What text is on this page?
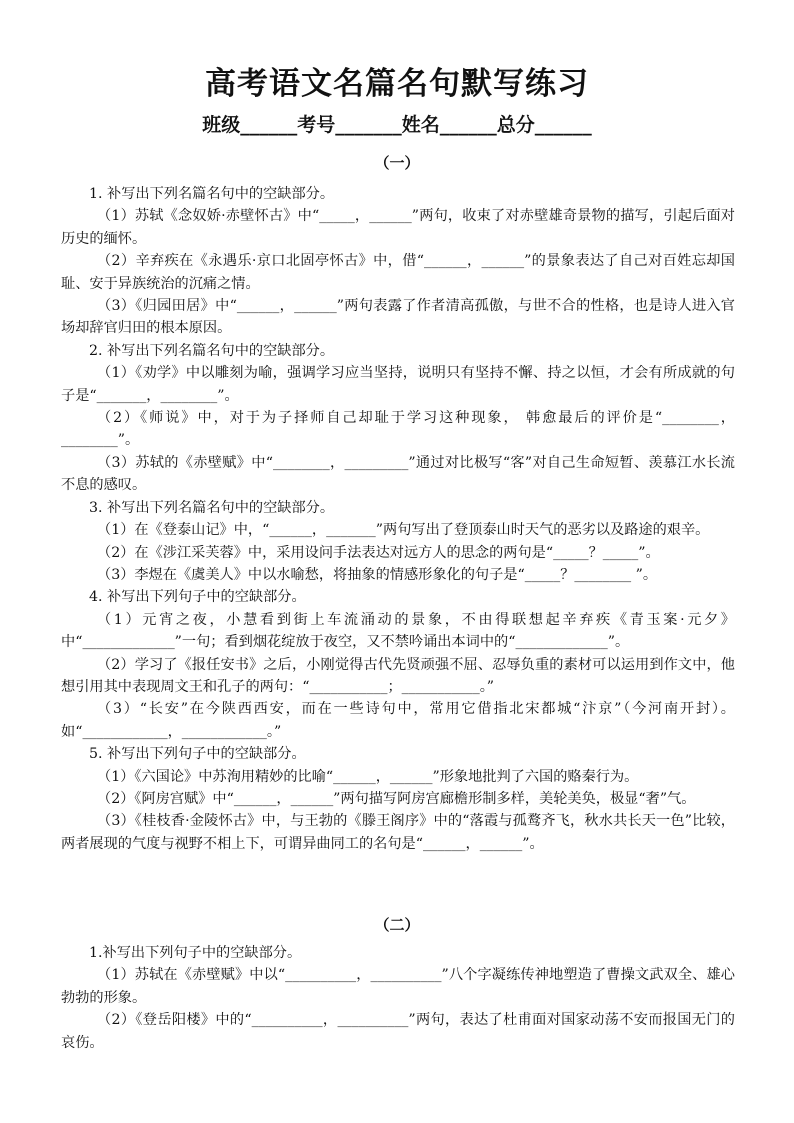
高考语文名篇名句默写练习
班级______考号_______姓名______总分______
（一）

1. 补写出下列名篇名句中的空缺部分。

（1）苏轼《念奴娇·赤壁怀古》中“_____，______”两句，收束了对赤壁雄奇景物的描写，引起后面对历史的缅怀。

（2）辛弃疾在《永遇乐·京口北固亭怀古》中，借“______，______”的景象表达了自己对百姓忘却国耻、安于异族统治的沉痛之情。

（3）《归园田居》中“______，______”两句表露了作者清高孤傲，与世不合的性格，也是诗人进入官场却辞官归田的根本原因。

2. 补写出下列名篇名句中的空缺部分。

（1）《劝学》中以雕刻为喻，强调学习应当坚持，说明只有坚持不懈、持之以恒，才会有所成就的句子是“_______，________”。

（2）《师说》中，对于为子择师自己却耻于学习这种现象， 韩愈最后的评价是“________，________”。

（3）苏轼的《赤壁赋》中“________，_________”通过对比极写“客”对自己生命短暂、羡慕江水长流不息的感叹。

3. 补写出下列名篇名句中的空缺部分。

（1）在《登泰山记》中，“______，_______”两句写出了登顶泰山时天气的恶劣以及路途的艰辛。

（2）在《涉江采芙蓉》中，采用设问手法表达对远方人的思念的两句是“_____？_____”。

（3）李煜在《虞美人》中以水喻愁，将抽象的情感形象化的句子是“_____？________ ”。

4. 补写出下列句子中的空缺部分。

（1）元宵之夜，小慧看到街上车流涌动的景象，不由得联想起辛弃疾《青玉案·元夕》中“_____________”一句；看到烟花绽放于夜空，又不禁吟诵出本词中的“_____________”。

（2）学习了《报任安书》之后，小刚觉得古代先贤顽强不屈、忍辱负重的素材可以运用到作文中，他想引用其中表现周文王和孔子的两句：“___________；___________。”

（3）“长安”在今陕西西安，而在一些诗句中，常用它借指北宋都城“汴京”（今河南开封）。如“____________，____________。”

5. 补写出下列句子中的空缺部分。

（1）《六国论》中苏洵用精妙的比喻“______，______”形象地批判了六国的赂秦行为。

（2）《阿房宫赋》中“______，______”两句描写阿房宫廊檐形制多样，美轮美奂，极显“奢”气。

（3）《桂枝香·金陵怀古》中，与王勃的《滕王阁序》中的“落霞与孤鹜齐飞，秋水共长天一色”比较，两者展现的气度与视野不相上下，可谓异曲同工的名句是“______，______”。

（二）

1.补写出下列句子中的空缺部分。

（1）苏轼在《赤壁赋》中以“__________，__________”八个字凝练传神地塑造了曹操文武双全、雄心勃勃的形象。

（2）《登岳阳楼》中的“__________，__________”两句，表达了杜甫面对国家动荡不安而报国无门的哀伤。
